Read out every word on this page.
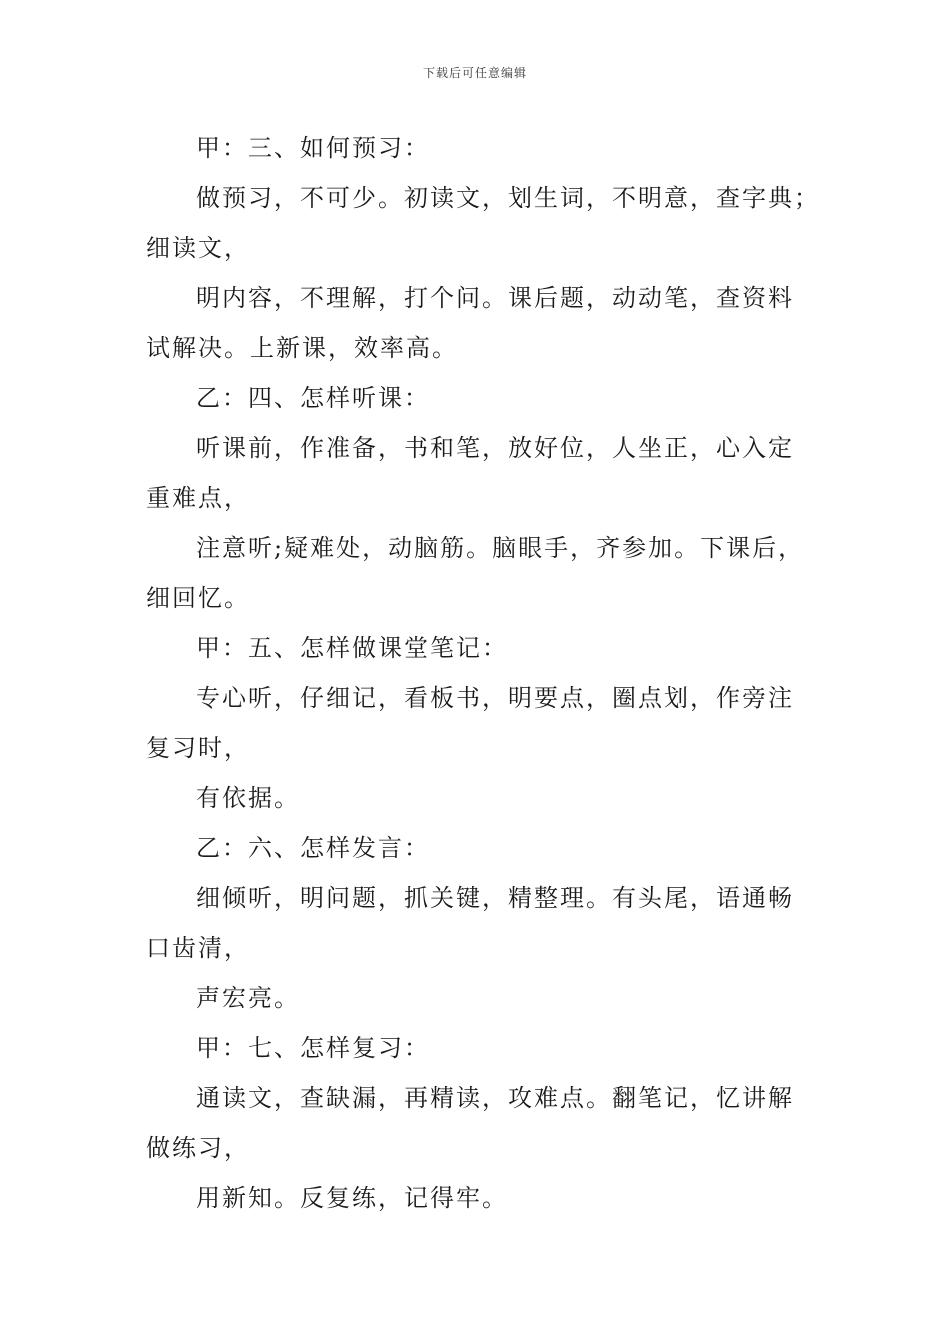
下载后可任意编辑
甲：三、如何预习：
做预习，不可少。初读文，划生词，不明意，查字典；
细读文，
明内容，不理解，打个问。课后题，动动笔，查资料
试解决。上新课，效率高。
乙：四、怎样听课：
听课前，作准备，书和笔，放好位，人坐正，心入定
重难点，
注意听;疑难处，动脑筋。脑眼手，齐参加。下课后，
细回忆。
甲：五、怎样做课堂笔记：
专心听，仔细记，看板书，明要点，圈点划，作旁注
复习时，
有依据。
乙：六、怎样发言：
细倾听，明问题，抓关键，精整理。有头尾，语通畅
口齿清，
声宏亮。
甲：七、怎样复习：
通读文，查缺漏，再精读，攻难点。翻笔记，忆讲解
做练习，
用新知。反复练，记得牢。
